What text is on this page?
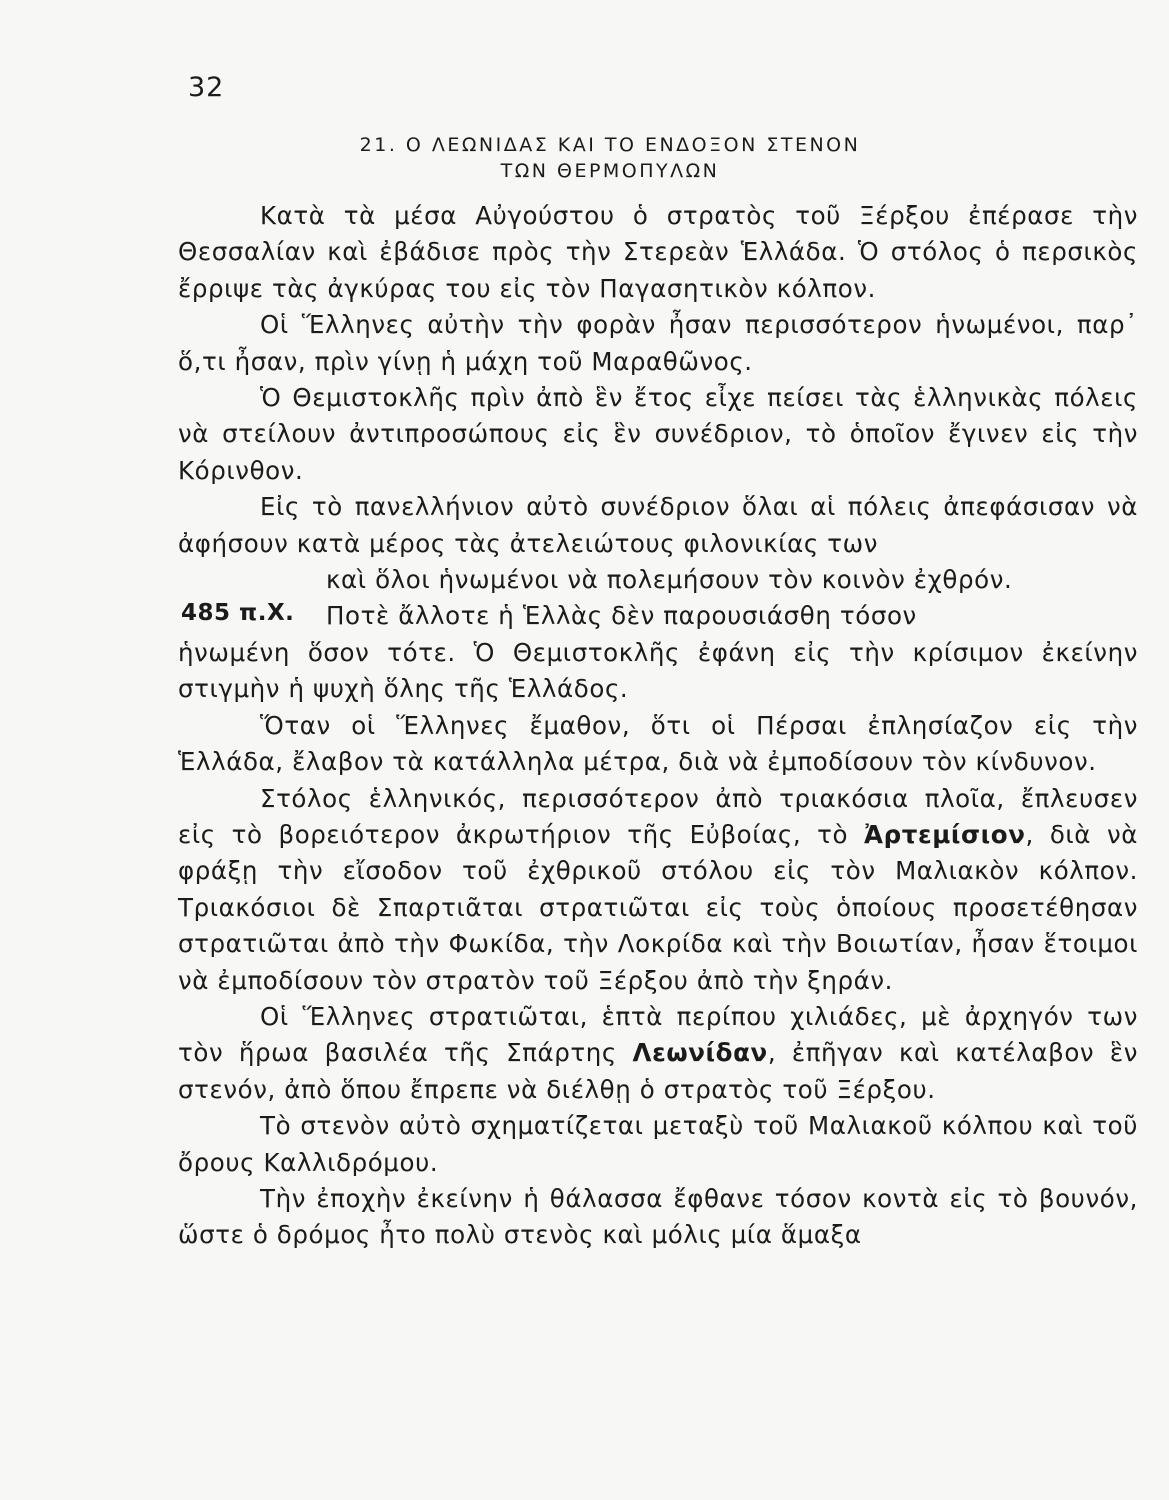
32
21. Ο ΛΕΩΝΙΔΑΣ ΚΑΙ ΤΟ ΕΝΔΟΞΟΝ ΣΤΕΝΟΝ
ΤΩΝ ΘΕΡΜΟΠΥΛΩΝ
485 π.Χ.

Κατὰ τὰ μέσα Αὐγούστου ὁ στρατὸς τοῦ Ξέρξου ἐπέρασε τὴν Θεσσαλίαν καὶ ἐβάδισε πρὸς τὴν Στερεὰν Ἑλλάδα. Ὁ στόλος ὁ περσικὸς ἔρριψε τὰς ἀγκύρας του εἰς τὸν Παγασητικὸν κόλπον.

Οἱ Ἕλληνες αὐτὴν τὴν φορὰν ἦσαν περισσότερον ἡνωμένοι, παρ᾽ ὅ,τι ἦσαν, πρὶν γίνῃ ἡ μάχη τοῦ Μαραθῶνος.

Ὁ Θεμιστοκλῆς πρὶν ἀπὸ ἓν ἔτος εἶχε πείσει τὰς ἑλληνικὰς πόλεις νὰ στείλουν ἀντιπροσώπους εἰς ἓν συνέδριον, τὸ ὁποῖον ἔγινεν εἰς τὴν Κόρινθον.

Εἰς τὸ πανελλήνιον αὐτὸ συνέδριον ὅλαι αἱ πόλεις ἀπεφάσισαν νὰ ἀφήσουν κατὰ μέρος τὰς ἀτελειώτους φιλονικίας των

καὶ ὅλοι ἡνωμένοι νὰ πολεμήσουν τὸν κοινὸν ἐχθρόν.

Ποτὲ ἄλλοτε ἡ Ἑλλὰς δὲν παρουσιάσθη τόσον

ἡνωμένη ὅσον τότε. Ὁ Θεμιστοκλῆς ἐφάνη εἰς τὴν κρίσιμον ἐκείνην στιγμὴν ἡ ψυχὴ ὅλης τῆς Ἑλλάδος.

Ὅταν οἱ Ἕλληνες ἔμαθον, ὅτι οἱ Πέρσαι ἐπλησίαζον εἰς τὴν Ἑλλάδα, ἔλαβον τὰ κατάλληλα μέτρα, διὰ νὰ ἐμποδίσουν τὸν κίνδυνον.

Στόλος ἑλληνικός, περισσότερον ἀπὸ τριακόσια πλοῖα, ἔπλευσεν εἰς τὸ βορειότερον ἀκρωτήριον τῆς Εὐβοίας, τὸ Ἀρτεμίσιον, διὰ νὰ φράξῃ τὴν εἴσοδον τοῦ ἐχθρικοῦ στόλου εἰς τὸν Μαλιακὸν κόλπον. Τριακόσιοι δὲ Σπαρτιᾶται στρατιῶται εἰς τοὺς ὁποίους προσετέθησαν στρατιῶται ἀπὸ τὴν Φωκίδα, τὴν Λοκρίδα καὶ τὴν Βοιωτίαν, ἦσαν ἕτοιμοι νὰ ἐμποδίσουν τὸν στρατὸν τοῦ Ξέρξου ἀπὸ τὴν ξηράν.

Οἱ Ἕλληνες στρατιῶται, ἑπτὰ περίπου χιλιάδες, μὲ ἀρχηγόν των τὸν ἥρωα βασιλέα τῆς Σπάρτης Λεωνίδαν, ἐπῆγαν καὶ κατέλαβον ἓν στενόν, ἀπὸ ὅπου ἔπρεπε νὰ διέλθῃ ὁ στρατὸς τοῦ Ξέρξου.

Τὸ στενὸν αὐτὸ σχηματίζεται μεταξὺ τοῦ Μαλιακοῦ κόλπου καὶ τοῦ ὄρους Καλλιδρόμου.

Τὴν ἐποχὴν ἐκείνην ἡ θάλασσα ἔφθανε τόσον κοντὰ εἰς τὸ βουνόν, ὥστε ὁ δρόμος ἦτο πολὺ στενὸς καὶ μόλις μία ἅμαξα
